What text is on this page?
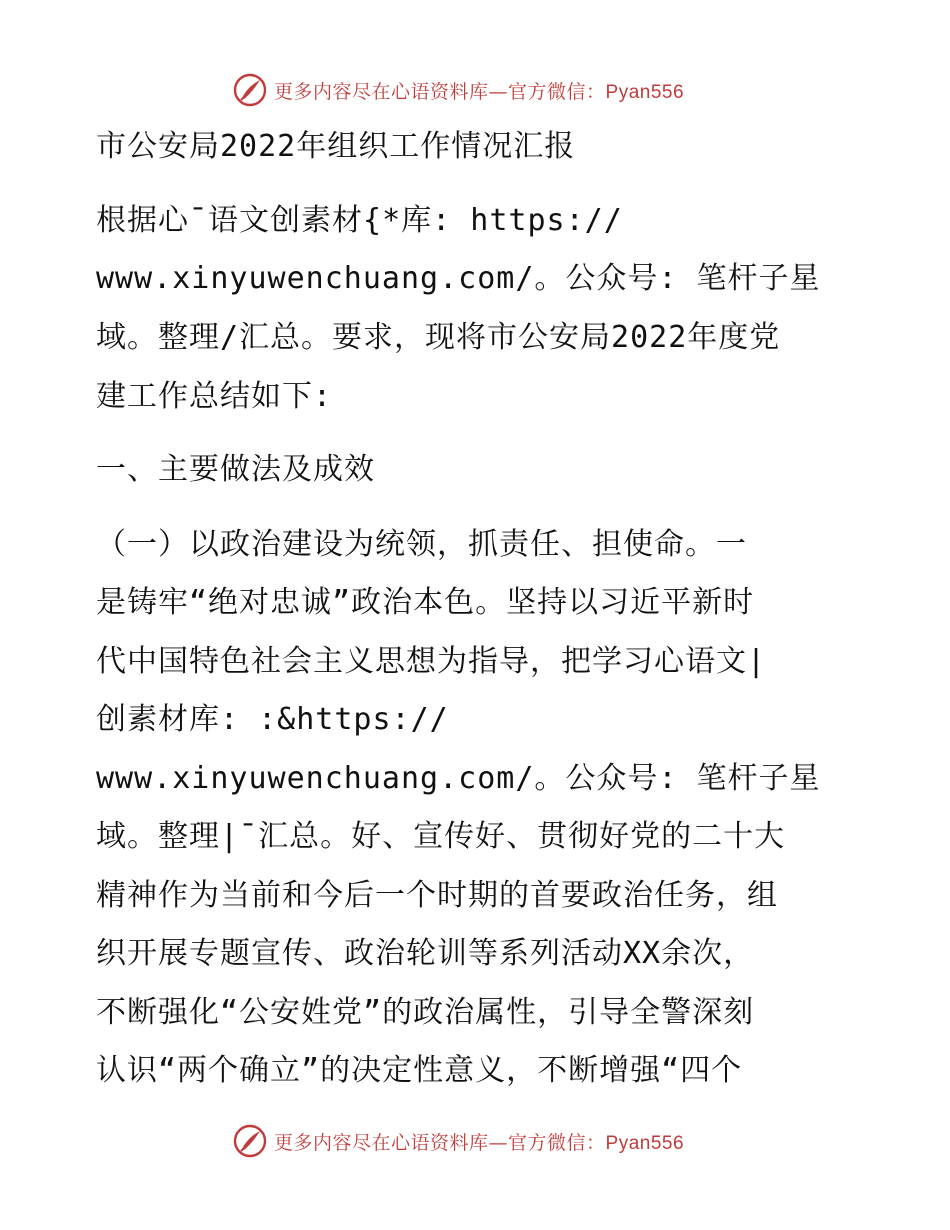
更多内容尽在心语资料库—官方微信：Pyan556
市公安局2022年组织工作情况汇报
根据心¯语文创素材{*库: https://
www.xinyuwenchuang.com/。公众号: 笔杆子星
域。整理/汇总。要求，现将市公安局2022年度党
建工作总结如下:
一、主要做法及成效
（一）以政治建设为统领，抓责任、担使命。一
是铸牢“绝对忠诚”政治本色。坚持以习近平新时
代中国特色社会主义思想为指导，把学习心语文|
创素材库: :&https://
www.xinyuwenchuang.com/。公众号: 笔杆子星
域。整理|¯汇总。好、宣传好、贯彻好党的二十大
精神作为当前和今后一个时期的首要政治任务，组
织开展专题宣传、政治轮训等系列活动XX余次，
不断强化“公安姓党”的政治属性，引导全警深刻
认识“两个确立”的决定性意义，不断增强“四个
更多内容尽在心语资料库—官方微信：Pyan556
